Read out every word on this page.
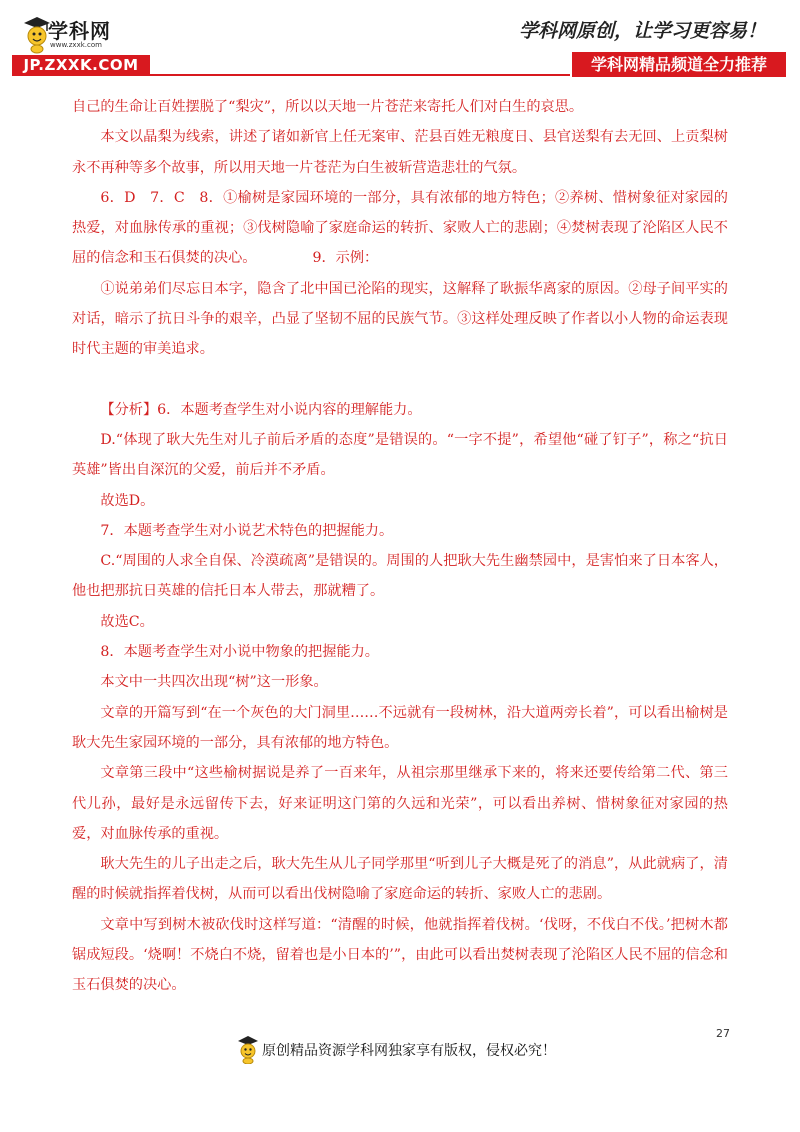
学科网
www.zxxk.com
JP.ZXXK.COM
学科网原创，让学习更容易！
学科网精品频道全力推荐

自己的生命让百姓摆脱了“梨灾”，所以以天地一片苍茫来寄托人们对白生的哀思。

本文以晶梨为线索，讲述了诸如新官上任无案审、茫县百姓无粮度日、县官送梨有去无回、上贡梨树永不再种等多个故事，所以用天地一片苍茫为白生被斩营造悲壮的气氛。

6．D　7．C　8．①榆树是家园环境的一部分，具有浓郁的地方特色；②养树、惜树象征对家园的热爱，对血脉传承的重视；③伐树隐喻了家庭命运的转折、家败人亡的悲剧；④焚树表现了沦陷区人民不屈的信念和玉石俱焚的决心。	9．示例：

①说弟弟们尽忘日本字，隐含了北中国已沦陷的现实，这解释了耿振华离家的原因。②母子间平实的对话，暗示了抗日斗争的艰辛，凸显了坚韧不屈的民族气节。③这样处理反映了作者以小人物的命运表现时代主题的审美追求。

【分析】6．本题考查学生对小说内容的理解能力。

D.“体现了耿大先生对儿子前后矛盾的态度”是错误的。“一字不提”，希望他“碰了钉子”，称之“抗日英雄”皆出自深沉的父爱，前后并不矛盾。

故选D。

7．本题考查学生对小说艺术特色的把握能力。

C.“周围的人求全自保、冷漠疏离”是错误的。周围的人把耿大先生幽禁园中，是害怕来了日本客人，他也把那抗日英雄的信托日本人带去，那就糟了。

故选C。

8．本题考查学生对小说中物象的把握能力。

本文中一共四次出现“树”这一形象。

文章的开篇写到“在一个灰色的大门洞里……不远就有一段树林，沿大道两旁长着”，可以看出榆树是耿大先生家园环境的一部分，具有浓郁的地方特色。

文章第三段中“这些榆树据说是养了一百来年，从祖宗那里继承下来的，将来还要传给第二代、第三代儿孙，最好是永远留传下去，好来证明这门第的久远和光荣”，可以看出养树、惜树象征对家园的热爱，对血脉传承的重视。

耿大先生的儿子出走之后，耿大先生从儿子同学那里“听到儿子大概是死了的消息”，从此就病了，清醒的时候就指挥着伐树，从而可以看出伐树隐喻了家庭命运的转折、家败人亡的悲剧。

文章中写到树木被砍伐时这样写道：“清醒的时候，他就指挥着伐树。‘伐呀，不伐白不伐。’把树木都锯成短段。‘烧啊！不烧白不烧，留着也是小日本的’”，由此可以看出焚树表现了沦陷区人民不屈的信念和玉石俱焚的决心。

27
原创精品资源学科网独家享有版权，侵权必究！
